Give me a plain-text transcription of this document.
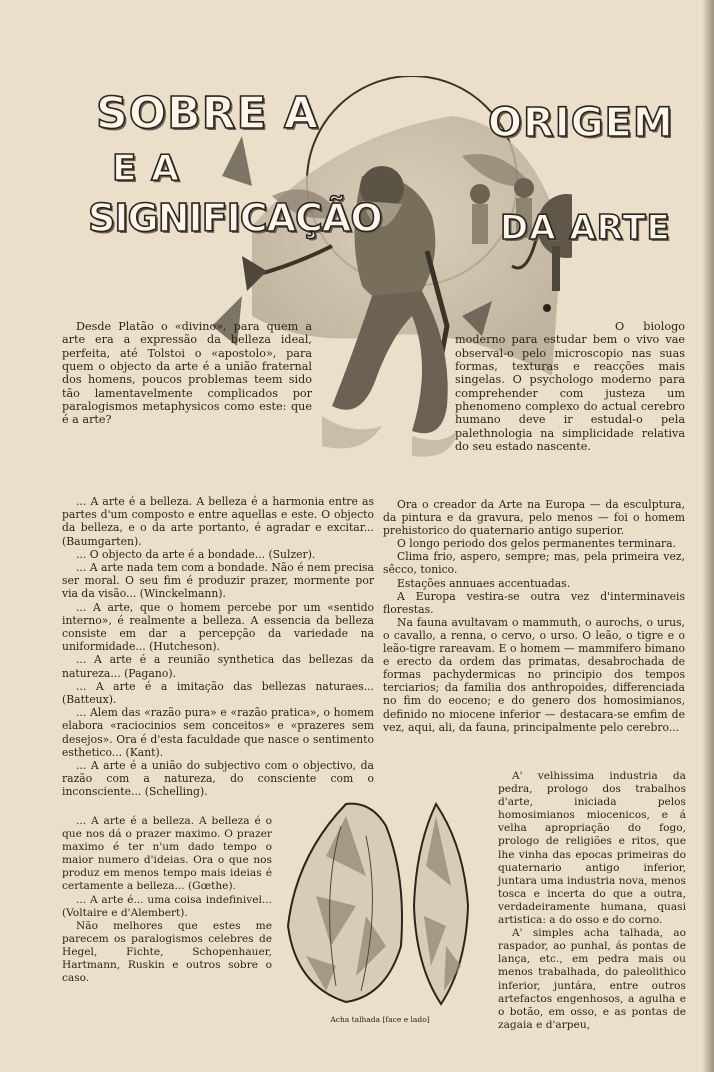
SOBRE A	ORIGEM
E A
SIGNIFICAÇÃO	DA ARTE

Desde Platão o «divino», para quem a arte era a expressão da belleza ideal, perfeita, até Tolstoi o «apostolo», para quem o objecto da arte é a união fraternal dos homens, poucos problemas teem sido tão lamentavelmente complicados por paralogismos metaphysicos como este: que é a arte?

... A arte é a belleza. A belleza é a harmonia entre as partes d'um composto e entre aquellas e este. O objecto da belleza, e o da arte portanto, é agradar e excitar... (Baumgarten).

... O objecto da arte é a bondade... (Sulzer).

... A arte nada tem com a bondade. Não é nem precisa ser moral. O seu fim é produzir prazer, mormente por via da visão... (Winckelmann).

... A arte, que o homem percebe por um «sentido interno», é realmente a belleza. A essencia da belleza consiste em dar a percepção da variedade na uniformidade... (Hutcheson).

... A arte é a reunião synthetica das bellezas da natureza... (Pagano).

... A arte é a imitação das bellezas naturaes... (Batteux).

... Alem das «razão pura» e «razão pratica», o homem elabora «raciocinios sem conceitos» e «prazeres sem desejos». Ora é d'esta faculdade que nasce o sentimento esthetico... (Kant).

... A arte é a união do subjectivo com o objectivo, da razão com a natureza, do consciente com o inconsciente... (Schelling).

... A arte é a belleza. A belleza é o que nos dá o prazer maximo. O prazer maximo é ter n'um dado tempo o maior numero d'ideias. Ora o que nos produz em menos tempo mais ideias é certamente a belleza... (Gœthe).

... A arte é... uma coisa indefinivel... (Voltaire e d'Alembert).

Não melhores que estes me parecem os paralogismos celebres de Hegel, Fichte, Schopenhauer, Hartmann, Ruskin e outros sobre o caso.

Acha talhada [face e lado]

O biologo moderno para estudar bem o vivo vae observal-o pelo microscopio nas suas formas, texturas e reacções mais singelas. O psychologo moderno para comprehender com justeza um phenomeno complexo do actual cerebro humano deve ir estudal-o pela palethnologia na simplicidade relativa do seu estado nascente.

Ora o creador da Arte na Europa — da esculptura, da pintura e da gravura, pelo menos — foi o homem prehistorico do quaternario antigo superior.

O longo periodo dos gelos permanentes terminara.

Clima frio, aspero, sempre; mas, pela primeira vez, sêcco, tonico.

Estações annuaes accentuadas.

A Europa vestira-se outra vez d'interminaveis florestas.

Na fauna avultavam o mammuth, o aurochs, o urus, o cavallo, a renna, o cervo, o urso. O leão, o tigre e o leão-tigre rareavam. E o homem — mammifero bimano e erecto da ordem das primatas, desabrochada de formas pachydermicas no principio dos tempos terciarios; da familia dos anthropoides, differenciada no fim do eoceno; e do genero dos homosimianos, definido no miocene inferior — destacara-se emfim de vez, aqui, ali, da fauna, principalmente pelo cerebro...

A' velhissima industria da pedra, prologo dos trabalhos d'arte, iniciada pelos homosimianos miocenicos, e á velha apropriação do fogo, prologo de religiões e ritos, que lhe vinha das epocas primeiras do quaternario antigo inferior, juntara uma industria nova, menos tosca e incerta do que a outra, verdadeiramente humana, quasi artistica: a do osso e do corno.

A' simples acha talhada, ao raspador, ao punhal, ás pontas de lança, etc., em pedra mais ou menos trabalhada, do paleolithico inferior, juntára, entre outros artefactos engenhosos, a agulha e o botão, em osso, e as pontas de zagaia e d'arpeu,
